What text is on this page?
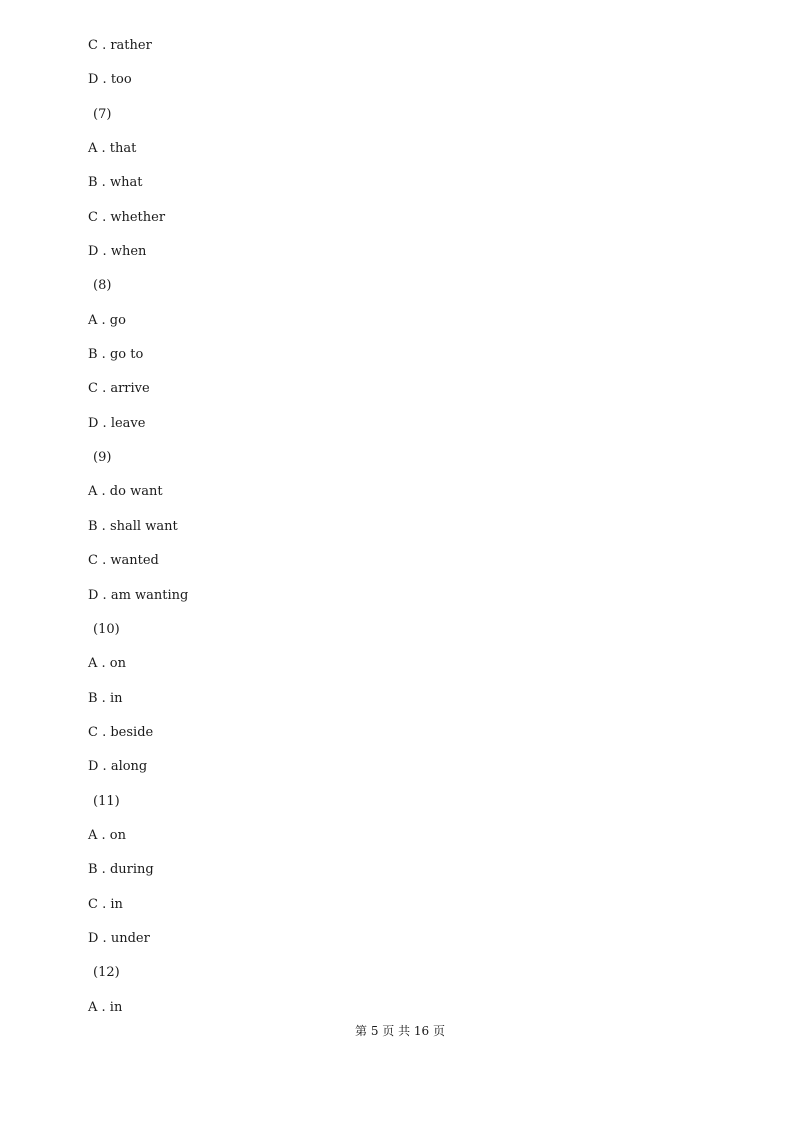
C . rather
D . too
(7)
A . that
B . what
C . whether
D . when
(8)
A . go
B . go to
C . arrive
D . leave
(9)
A . do want
B . shall want
C . wanted
D . am wanting
(10)
A . on
B . in
C . beside
D . along
(11)
A . on
B . during
C . in
D . under
(12)
A . in
第 5 页 共 16 页
